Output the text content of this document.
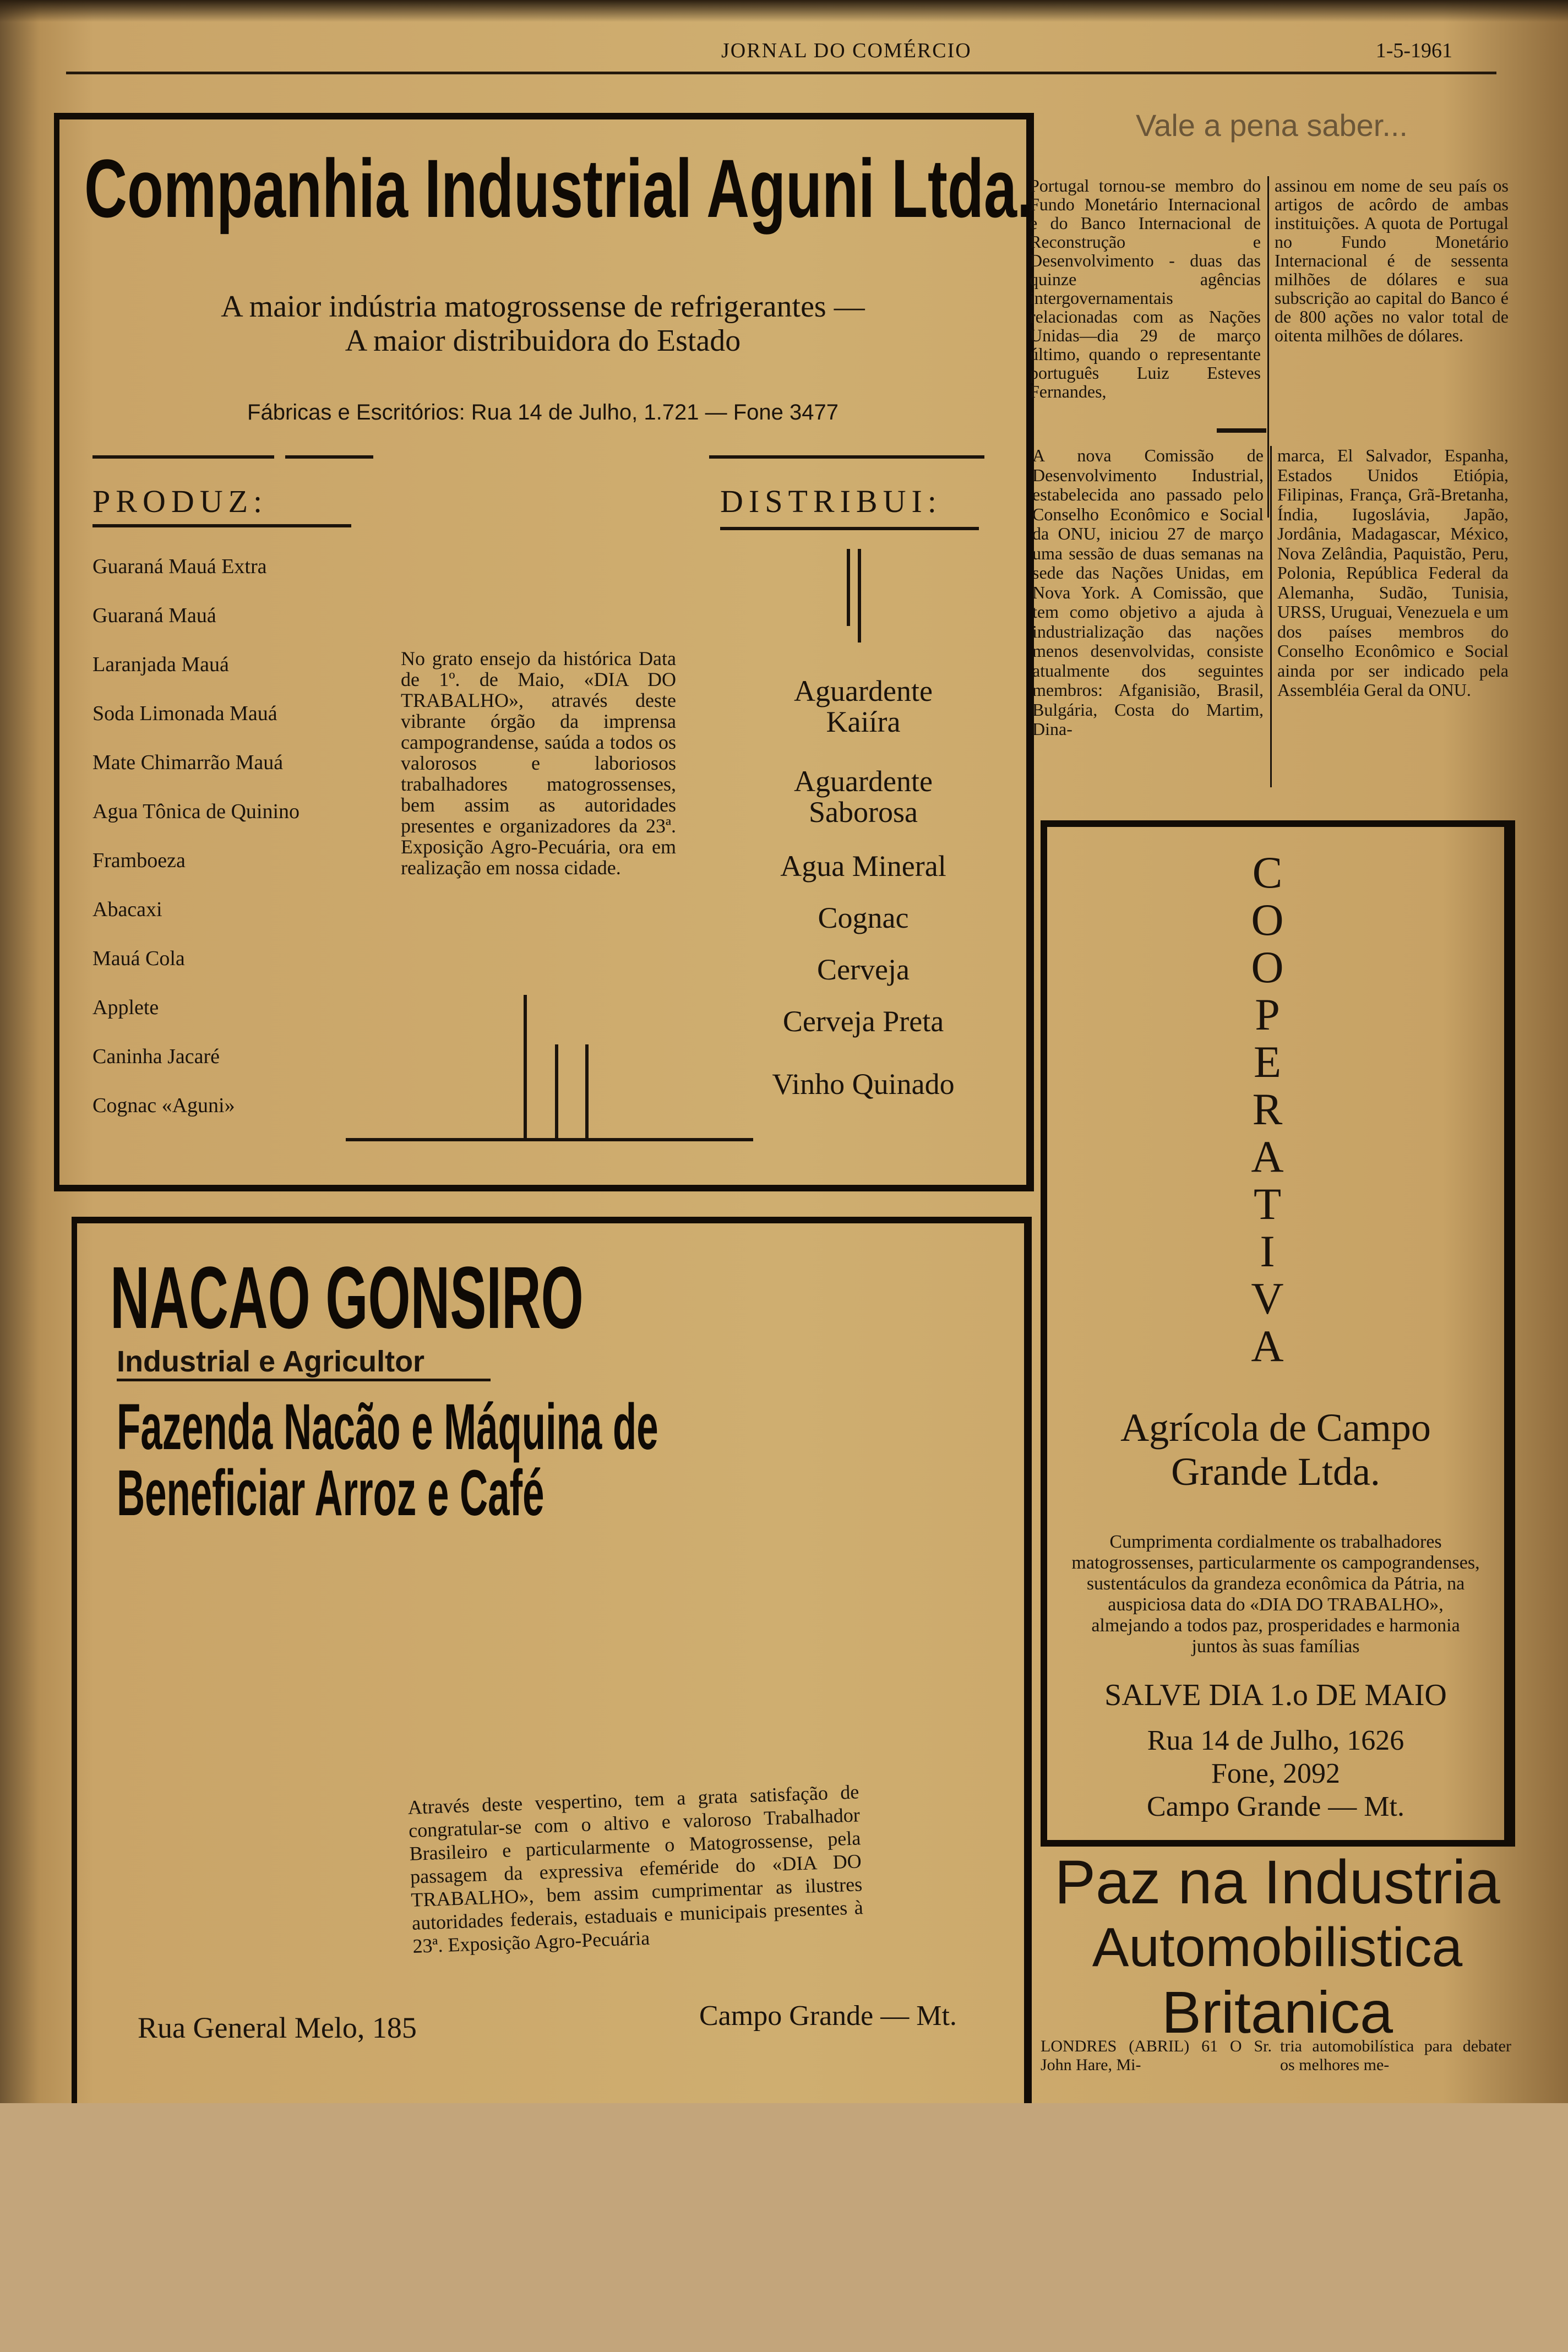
JORNAL DO COMÉRCIO	1-5-1961
Companhia Industrial Aguni Ltda.
A maior indústria matogrossense de refrigerantes —
A maior distribuidora do Estado
Fábricas e Escritórios: Rua 14 de Julho, 1.721 — Fone 3477
PRODUZ:
Guaraná Mauá Extra
Guaraná Mauá
Laranjada Mauá
Soda Limonada Mauá
Mate Chimarrão Mauá
Agua Tônica de Quinino
Framboeza
Abacaxi
Mauá Cola
Applete
Caninha Jacaré
Cognac «Aguni»
No grato ensejo da histórica Data de 1º. de Maio, «DIA DO TRABALHO», através deste vibrante órgão da imprensa campograndense, saúda a todos os valorosos e laboriosos trabalhadores matogrossenses, bem assim as autoridades presentes e organizadores da 23ª. Exposição Agro-Pecuária, ora em realização em nossa cidade.
DISTRIBUI:
Aguardente Kaiíra
Aguardente Saborosa
Agua Mineral
Cognac
Cerveja
Cerveja Preta
Vinho Quinado
Vale a pena saber...
Portugal tornou-se membro do Fundo Monetário Internacional e do Banco Internacional de Reconstrução e Desenvolvimento - duas das quinze agências intergovernamentais relacionadas com as Nações Unidas—dia 29 de março último, quando o representante português Luiz Esteves Fernandes,
assinou em nome de seu país os artigos de acôrdo de ambas instituições. A quota de Portugal no Fundo Monetário Internacional é de sessenta milhões de dólares e sua subscrição ao capital do Banco é de 800 ações no valor total de oitenta milhões de dólares.
A nova Comissão de Desenvolvimento Industrial, estabelecida ano passado pelo Conselho Econômico e Social da ONU, iniciou 27 de março uma sessão de duas semanas na sede das Nações Unidas, em Nova York. A Comissão, que tem como objetivo a ajuda à industrialização das nações menos desenvolvidas, consiste atualmente dos seguintes membros: Afganisião, Brasil, Bulgária, Costa do Martim, Dina-
marca, El Salvador, Espanha, Estados Unidos Etiópia, Filipinas, França, Grã-Bretanha, Índia, Iugoslávia, Japão, Jordânia, Madagascar, México, Nova Zelândia, Paquistão, Peru, Polonia, República Federal da Alemanha, Sudão, Tunisia, URSS, Uruguai, Venezuela e um dos países membros do Conselho Econômico e Social ainda por ser indicado pela Assembléia Geral da ONU.
NACAO GONSIRO
Industrial e Agricultor
Fazenda Nacão e Máquina de
Beneficiar Arroz e Café
Através deste vespertino, tem a grata satisfação de congratular-se com o altivo e valoroso Trabalhador Brasileiro e particularmente o Matogrossense, pela passagem da expressiva efeméride do «DIA DO TRABALHO», bem assim cumprimentar as ilustres autoridades federais, estaduais e municipais presentes à 23ª. Exposição Agro-Pecuária
Rua General Melo, 185	Campo Grande — Mt.
C
O
O
P
E
R
A
T
I
V
A
Agrícola de Campo
Grande Ltda.
Cumprimenta cordialmente os trabalhadores matogrossenses, particularmente os campograndenses, sustentáculos da grandeza econômica da Pátria, na auspiciosa data do «DIA DO TRABALHO», almejando a todos paz, prosperidades e harmonia juntos às suas famílias
SALVE DIA 1.o DE MAIO
Rua 14 de Julho, 1626
Fone, 2092
Campo Grande — Mt.
Paz na Industria
Automobilistica
Britanica
LONDRES (ABRIL) 61 O Sr. John Hare, Mi-
tria automobilística para debater os melhores me-
